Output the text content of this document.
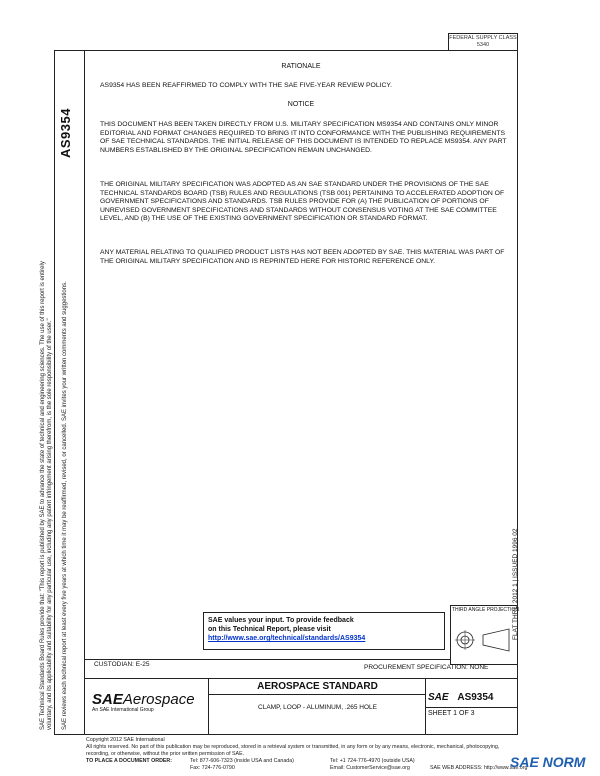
FEDERAL SUPPLY CLASS 5340
AS9354
SAE Technical Standards Board Rules provide that: "This report is published by SAE to advance the state of technical and engineering sciences. The use of this report is entirely voluntary, and its applicability and suitability for any particular use, including any patent infringement arising therefrom, is the sole responsibility of the user." SAE reviews each technical report at least every five years at which time it may be reaffirmed, revised, or cancelled. SAE invites your written comments and suggestions.	FLAT THRU 2012 1 | ISSUED 1996 02
RATIONALE
AS9354 HAS BEEN REAFFIRMED TO COMPLY WITH THE SAE FIVE-YEAR REVIEW POLICY.
NOTICE
THIS DOCUMENT HAS BEEN TAKEN DIRECTLY FROM U.S. MILITARY SPECIFICATION MS9354 AND CONTAINS ONLY MINOR EDITORIAL AND FORMAT CHANGES REQUIRED TO BRING IT INTO CONFORMANCE WITH THE PUBLISHING REQUIREMENTS OF SAE TECHNICAL STANDARDS. THE INITIAL RELEASE OF THIS DOCUMENT IS INTENDED TO REPLACE MS9354. ANY PART NUMBERS ESTABLISHED BY THE ORIGINAL SPECIFICATION REMAIN UNCHANGED.
THE ORIGINAL MILITARY SPECIFICATION WAS ADOPTED AS AN SAE STANDARD UNDER THE PROVISIONS OF THE SAE TECHNICAL STANDARDS BOARD (TSB) RULES AND REGULATIONS (TSB 001) PERTAINING TO ACCELERATED ADOPTION OF GOVERNMENT SPECIFICATIONS AND STANDARDS. TSB RULES PROVIDE FOR (A) THE PUBLICATION OF PORTIONS OF UNREVISED GOVERNMENT SPECIFICATIONS AND STANDARDS WITHOUT CONSENSUS VOTING AT THE SAE COMMITTEE LEVEL, AND (B) THE USE OF THE EXISTING GOVERNMENT SPECIFICATION OR STANDARD FORMAT.
ANY MATERIAL RELATING TO QUALIFIED PRODUCT LISTS HAS NOT BEEN ADOPTED BY SAE. THIS MATERIAL WAS PART OF THE ORIGINAL MILITARY SPECIFICATION AND IS REPRINTED HERE FOR HISTORIC REFERENCE ONLY.
SAE values your input. To provide feedback
on this Technical Report, please visit
http://www.sae.org/technical/standards/AS9354
THIRD ANGLE PROJECTION
CUSTODIAN: E-25	PROCUREMENT SPECIFICATION: NONE
SAEAerospace
An SAE International Group
AEROSPACE STANDARD
CLAMP, LOOP - ALUMINUM, .265 HOLE
SAE AS9354
SHEET 1 OF 3
Copyright 2012 SAE International
All rights reserved. No part of this publication may be reproduced, stored in a retrieval system or transmitted, in any form or by any means, electronic, mechanical, photocopying, recording, or otherwise, without the prior written permission of SAE.
TO PLACE A DOCUMENT ORDER:	Tel: 877-606-7323 (inside USA and Canada)	Tel: +1 724-776-4970 (outside USA)
Fax: 724-776-0790	Email: CustomerService@sae.org	SAE WEB ADDRESS: http://www.sae.org
SAE NORM
